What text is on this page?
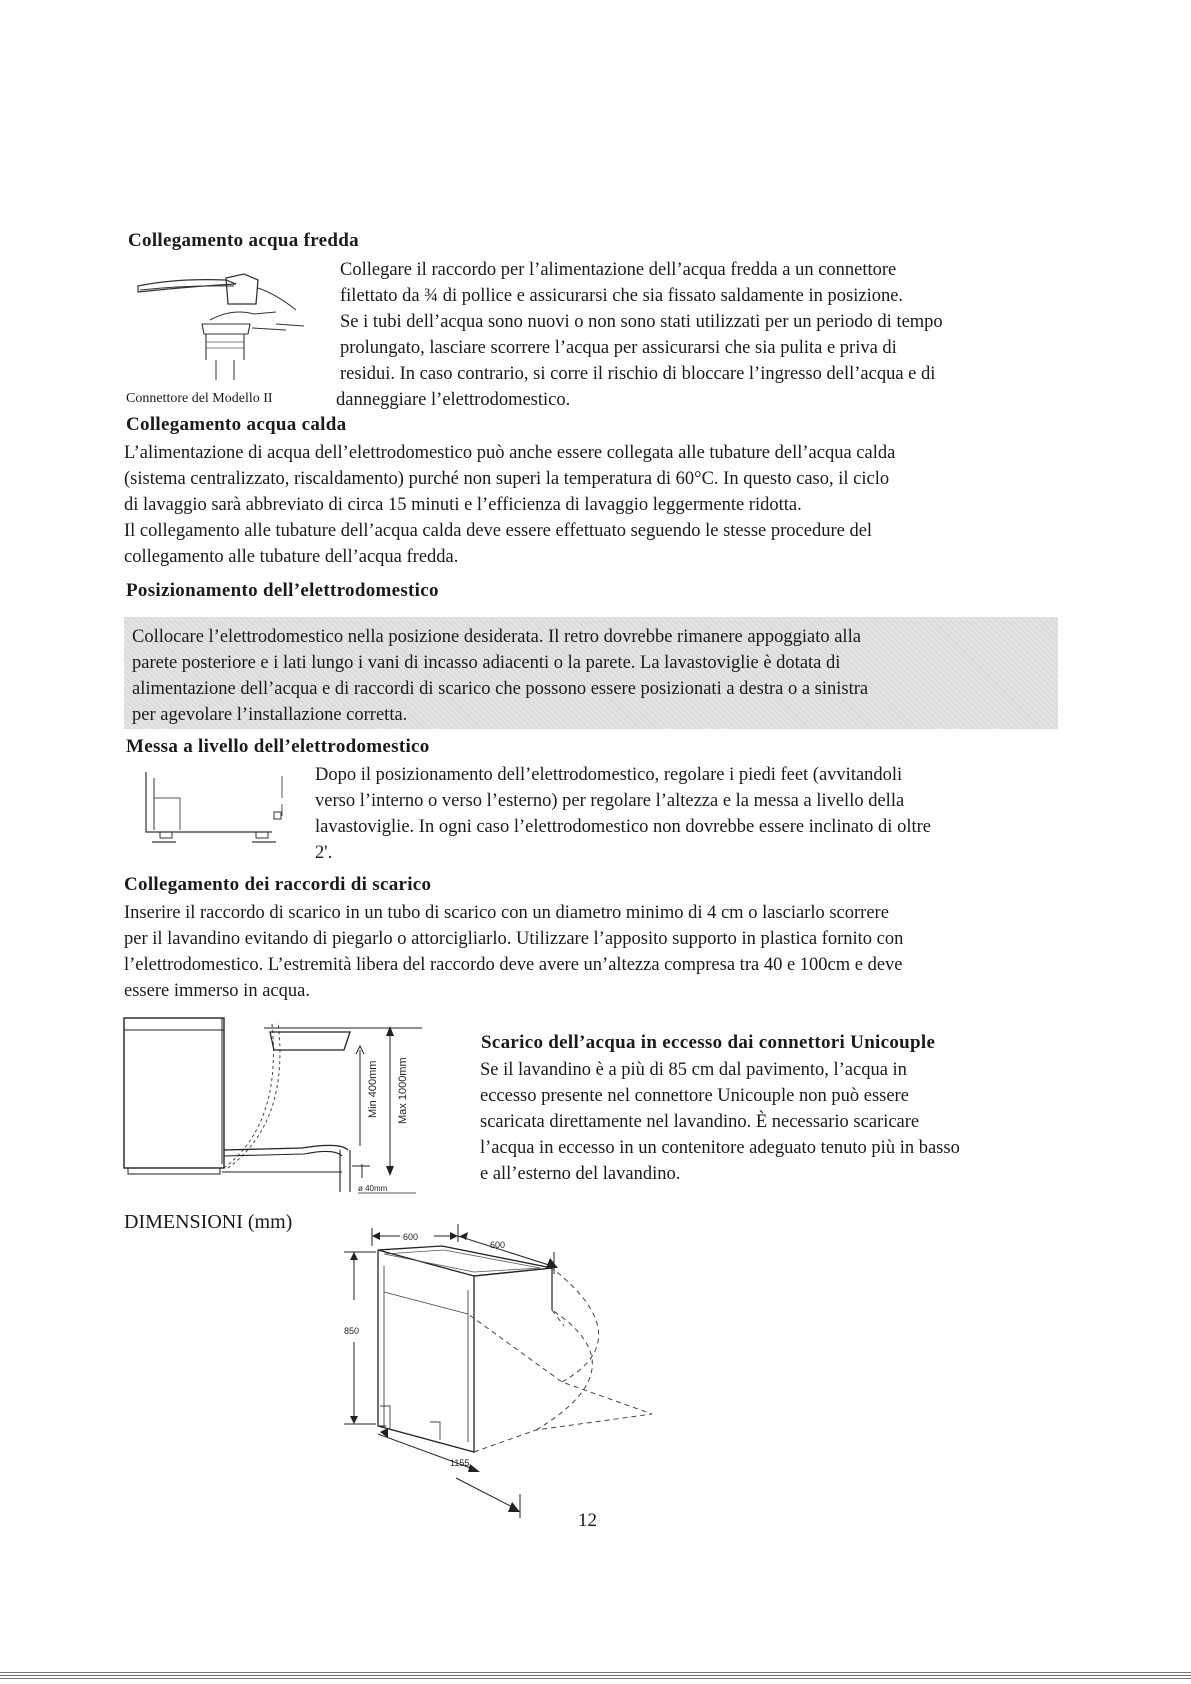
Collegamento acqua fredda
Connettore del Modello II
Collegare il raccordo per l’alimentazione dell’acqua fredda a un connettore
filettato da ¾ di pollice e assicurarsi che sia fissato saldamente in posizione.
Se i tubi dell’acqua sono nuovi o non sono stati utilizzati per un periodo di tempo
prolungato, lasciare scorrere l’acqua per assicurarsi che sia pulita e priva di
residui. In caso contrario, si corre il rischio di bloccare l’ingresso dell’acqua e di
danneggiare l’elettrodomestico.
Collegamento acqua calda
L’alimentazione di acqua dell’elettrodomestico può anche essere collegata alle tubature dell’acqua calda
(sistema centralizzato, riscaldamento) purché non superi la temperatura di 60°C. In questo caso, il ciclo
di lavaggio sarà abbreviato di circa 15 minuti e l’efficienza di lavaggio leggermente ridotta.
Il collegamento alle tubature dell’acqua calda deve essere effettuato seguendo le stesse procedure del
collegamento alle tubature dell’acqua fredda.
Posizionamento dell’elettrodomestico
Collocare l’elettrodomestico nella posizione desiderata. Il retro dovrebbe rimanere appoggiato alla
parete posteriore e i lati lungo i vani di incasso adiacenti o la parete. La lavastoviglie è dotata di
alimentazione dell’acqua e di raccordi di scarico che possono essere posizionati a destra o a sinistra
per agevolare l’installazione corretta.
Messa a livello dell’elettrodomestico
Dopo il posizionamento dell’elettrodomestico, regolare i piedi feet (avvitandoli
verso l’interno o verso l’esterno) per regolare l’altezza e la messa a livello della
lavastoviglie. In ogni caso l’elettrodomestico non dovrebbe essere inclinato di oltre
2'.
Collegamento dei raccordi di scarico
Inserire il raccordo di scarico in un tubo di scarico con un diametro minimo di 4 cm o lasciarlo scorrere
per il lavandino evitando di piegarlo o attorcigliarlo. Utilizzare l’apposito supporto in plastica fornito con
l’elettrodomestico. L’estremità libera del raccordo deve avere un’altezza compresa tra 40 e 100cm e deve
essere immerso in acqua.
Min 400mm Max 1000mm
ø 40mm
Scarico dell’acqua in eccesso dai connettori Unicouple
Se il lavandino è a più di 85 cm dal pavimento, l’acqua in
eccesso presente nel connettore Unicouple non può essere
scaricata direttamente nel lavandino. È necessario scaricare
l’acqua in eccesso in un contenitore adeguato tenuto più in basso
e all’esterno del lavandino.
DIMENSIONI (mm)
600
600
850
1155
12
